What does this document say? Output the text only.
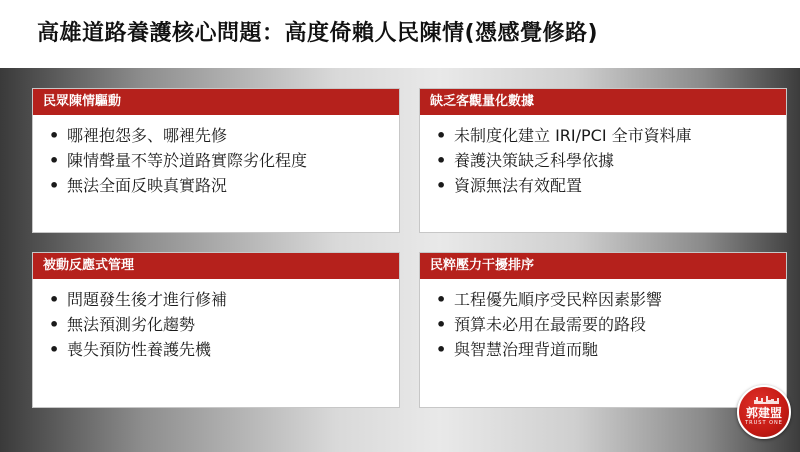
高雄道路養護核心問題：高度倚賴人民陳情(憑感覺修路)
民眾陳情驅動
• 哪裡抱怨多、哪裡先修
• 陳情聲量不等於道路實際劣化程度
• 無法全面反映真實路況
缺乏客觀量化數據
• 未制度化建立 IRI/PCI 全市資料庫
• 養護決策缺乏科學依據
• 資源無法有效配置
被動反應式管理
• 問題發生後才進行修補
• 無法預測劣化趨勢
• 喪失預防性養護先機
民粹壓力干擾排序
• 工程優先順序受民粹因素影響
• 預算未必用在最需要的路段
• 與智慧治理背道而馳
郭建盟
TRUST ONE
